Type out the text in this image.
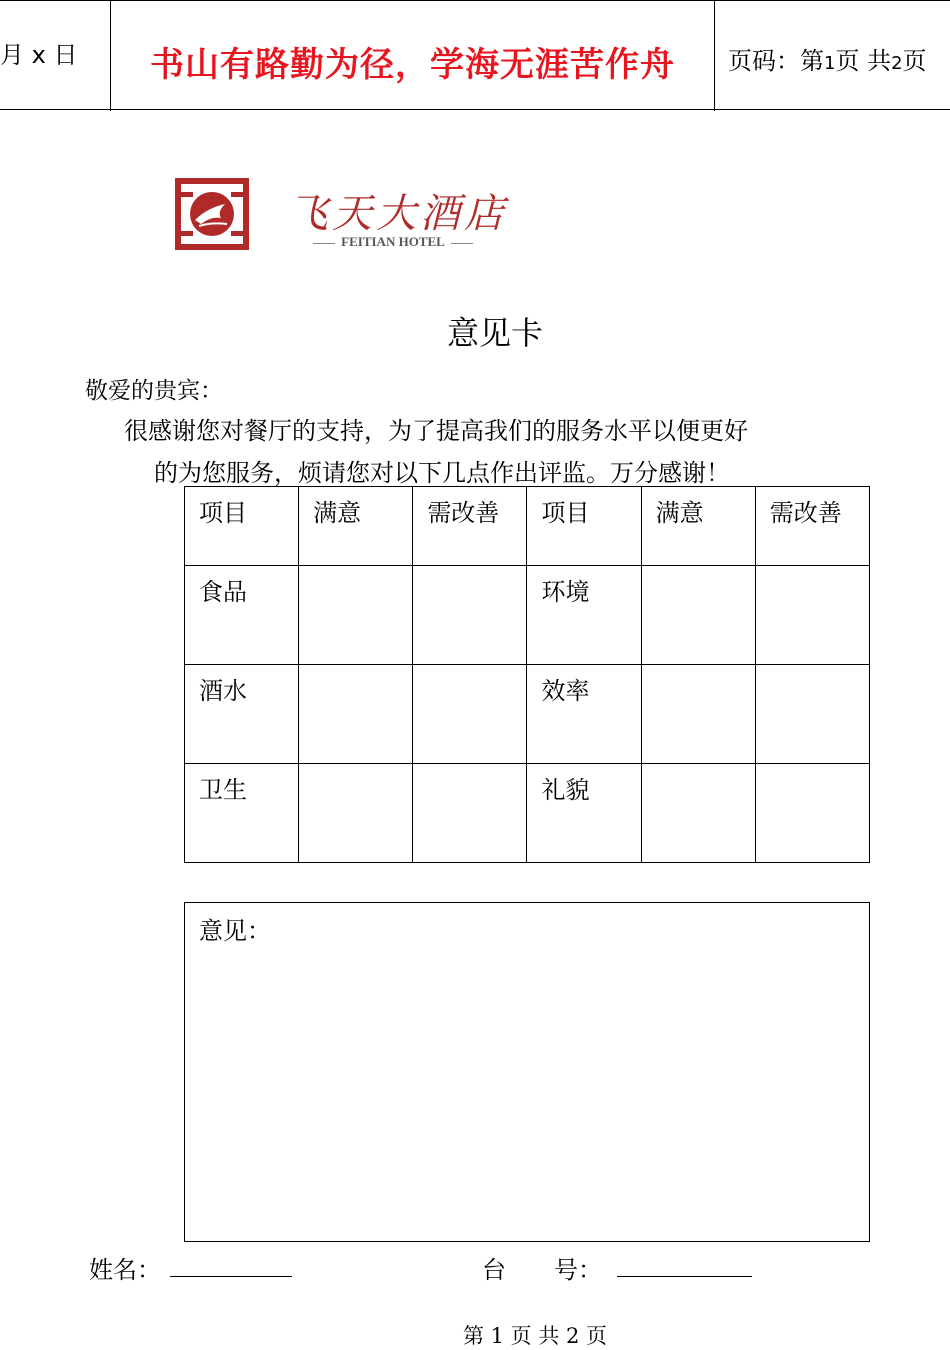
月 x 日	书山有路勤为径，学海无涯苦作舟	页码：第1页 共2页
飞天大酒店
FEITIAN HOTEL
意见卡
敬爱的贵宾：
很感谢您对餐厅的支持，为了提高我们的服务水平以便更好
的为您服务，烦请您对以下几点作出评监。万分感谢！
项目	满意	需改善	项目	满意	需改善
食品			环境		
酒水			效率		
卫生			礼貌		
意见：
姓名：	台　　号：
第 1 页 共 2 页
